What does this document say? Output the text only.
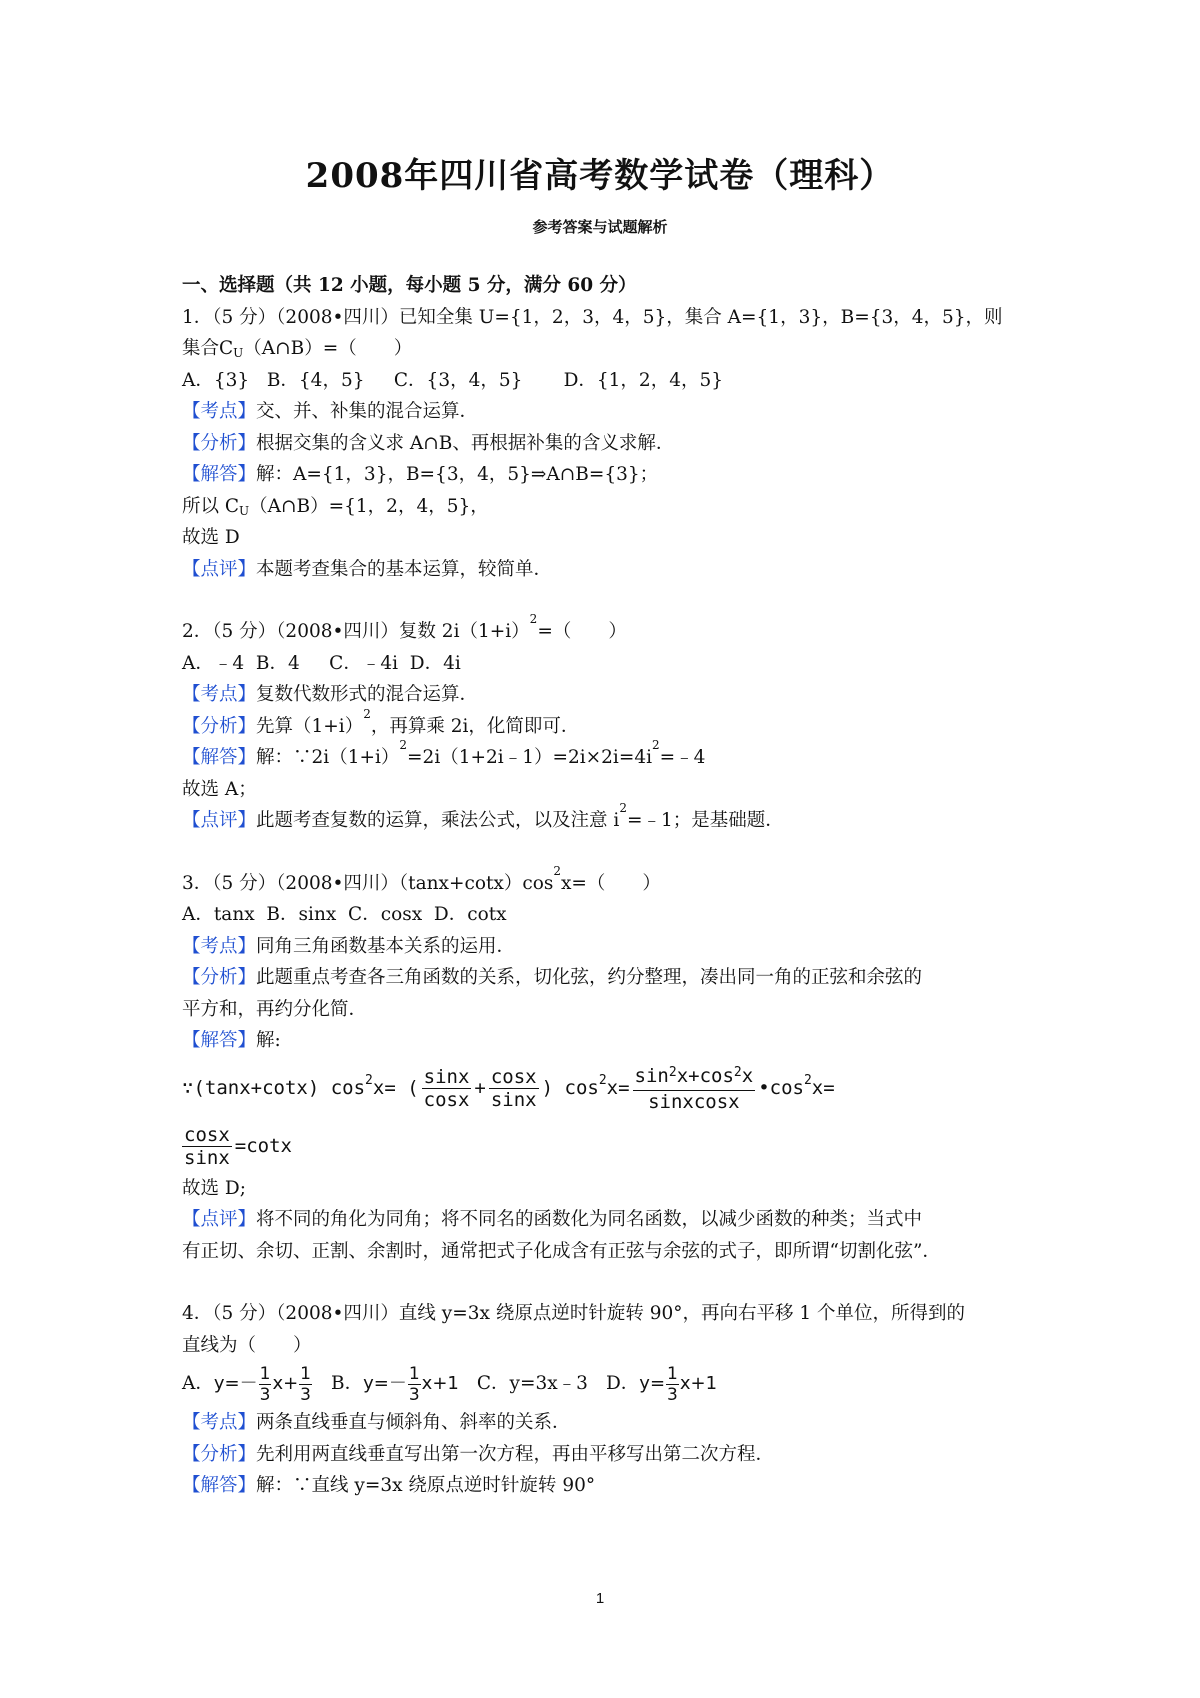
2008年四川省高考数学试卷（理科）
参考答案与试题解析
一、选择题（共 12 小题，每小题 5 分，满分 60 分）
1．（5 分）（2008•四川）已知全集 U={1，2，3，4，5}，集合 A={1，3}，B={3，4，5}，则
集合$C_U(A\cap B)=$（　　）
A．{3}   B．{4，5}     C．{3，4，5}       D．{1，2，4，5}
【考点】交、并、补集的混合运算．
【分析】根据交集的含义求 A∩B、再根据补集的含义求解．
【解答】解：A={1，3}，B={3，4，5}⇒A∩B={3}；
所以 $C_U(A\cap B)=\{1$，2，4，5}，
故选 D
【点评】本题考查集合的基本运算，较简单．
2．（5 分）（2008•四川）复数 $2i(1+i)^2=$（　　）
A．﹣4  B．4     C．﹣4i  D．4i
【考点】复数代数形式的混合运算．
【分析】先算$(1+i)^2$，再算乘 2i，化简即可．
【解答】解：$\because 2i(1+i)^2=2i(1+2i﹣1)=2i\times 2i=4i^2=﹣4$
故选 A；
【点评】此题考查复数的运算，乘法公式，以及注意 $i^2=﹣1$；是基础题．
3．（5 分）（2008•四川）$(\tan x+\cot x)\cos^2x=$（　　）
A．tanx  B．sinx  C．cosx  D．cotx
【考点】同角三角函数基本关系的运用．
【分析】此题重点考查各三角函数的关系，切化弦，约分整理，凑出同一角的正弦和余弦的
平方和，再约分化简．
【解答】解:
∵ (tanx+cotx) cos 2 x= ( $\frac{\sin x}{\cos x} + \frac{\cos x}{\sin x}$ ) cos 2 $x= \frac{\sin^2x+\cos^2x}{\text{sinxcosx}}$ •cos 2 x=
$\frac{\cos x}{\sin x} =\cot x$
故选 D;
【点评】将不同的角化为同角；将不同名的函数化为同名函数，以减少函数的种类；当式中
有正切、余切、正割、余割时，通常把式子化成含有正弦与余弦的式子，即所谓“切割化弦”．
4．（5 分）（2008•四川）直线 y=3x 绕原点逆时针旋转 90°，再向右平移 1 个单位，所得到的
直线为（　　）
A． $y=- \frac{1}{3} x+ \frac{1}{3}$ B． $y=- \frac{1}{3} x+1$ C．y=3x﹣3 D． $y= \frac{1}{3} x+1$
【考点】两条直线垂直与倾斜角、斜率的关系．
【分析】先利用两直线垂直写出第一次方程，再由平移写出第二次方程．
【解答】解：∵直线 y=3x 绕原点逆时针旋转 90°
1
